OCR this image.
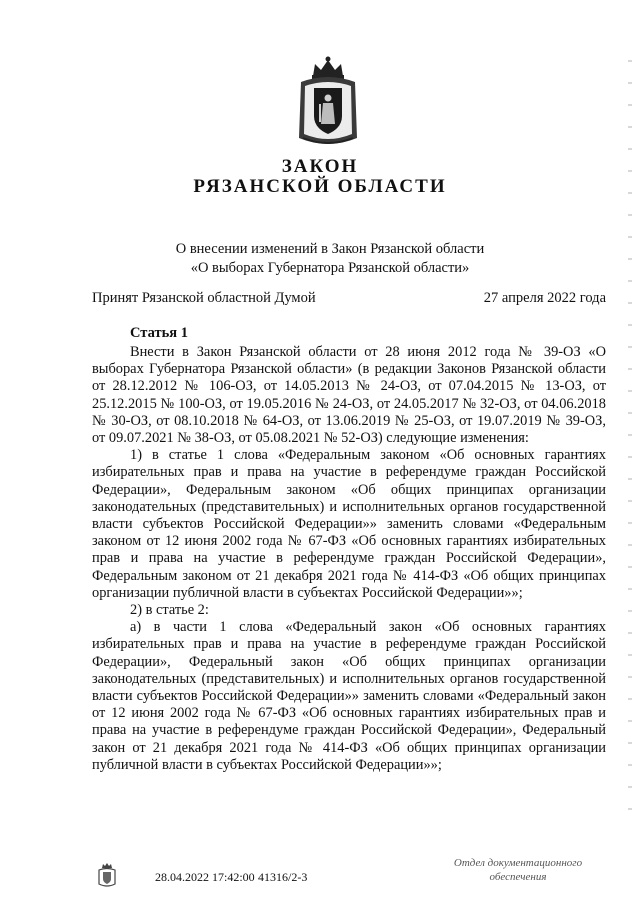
ЗАКОН
РЯЗАНСКОЙ ОБЛАСТИ
О внесении изменений в Закон Рязанской области
«О выборах Губернатора Рязанской области»
Принят Рязанской областной Думой	27 апреля 2022 года
Статья 1

Внести в Закон Рязанской области от 28 июня 2012 года № 39-ОЗ «О выборах Губернатора Рязанской области» (в редакции Законов Рязанской области от 28.12.2012 № 106-ОЗ, от 14.05.2013 № 24-ОЗ, от 07.04.2015 № 13-ОЗ, от 25.12.2015 № 100-ОЗ, от 19.05.2016 № 24-ОЗ, от 24.05.2017 № 32-ОЗ, от 04.06.2018 № 30-ОЗ, от 08.10.2018 № 64-ОЗ, от 13.06.2019 № 25-ОЗ, от 19.07.2019 № 39-ОЗ, от 09.07.2021 № 38-ОЗ, от 05.08.2021 № 52-ОЗ) следующие изменения:

1) в статье 1 слова «Федеральным законом «Об основных гарантиях избирательных прав и права на участие в референдуме граждан Российской Федерации», Федеральным законом «Об общих принципах организации законодательных (представительных) и исполнительных органов государственной власти субъектов Российской Федерации»» заменить словами «Федеральным законом от 12 июня 2002 года № 67-ФЗ «Об основных гарантиях избирательных прав и права на участие в референдуме граждан Российской Федерации», Федеральным законом от 21 декабря 2021 года № 414-ФЗ «Об общих принципах организации публичной власти в субъектах Российской Федерации»»;

2) в статье 2:

а) в части 1 слова «Федеральный закон «Об основных гарантиях избирательных прав и права на участие в референдуме граждан Российской Федерации», Федеральный закон «Об общих принципах организации законодательных (представительных) и исполнительных органов государственной власти субъектов Российской Федерации»» заменить словами «Федеральный закон от 12 июня 2002 года № 67-ФЗ «Об основных гарантиях избирательных прав и права на участие в референдуме граждан Российской Федерации», Федеральный закон от 21 декабря 2021 года № 414-ФЗ «Об общих принципах организации публичной власти в субъектах Российской Федерации»»;

28.04.2022 17:42:00 41316/2-3
Отдел документационного
обеспечения
